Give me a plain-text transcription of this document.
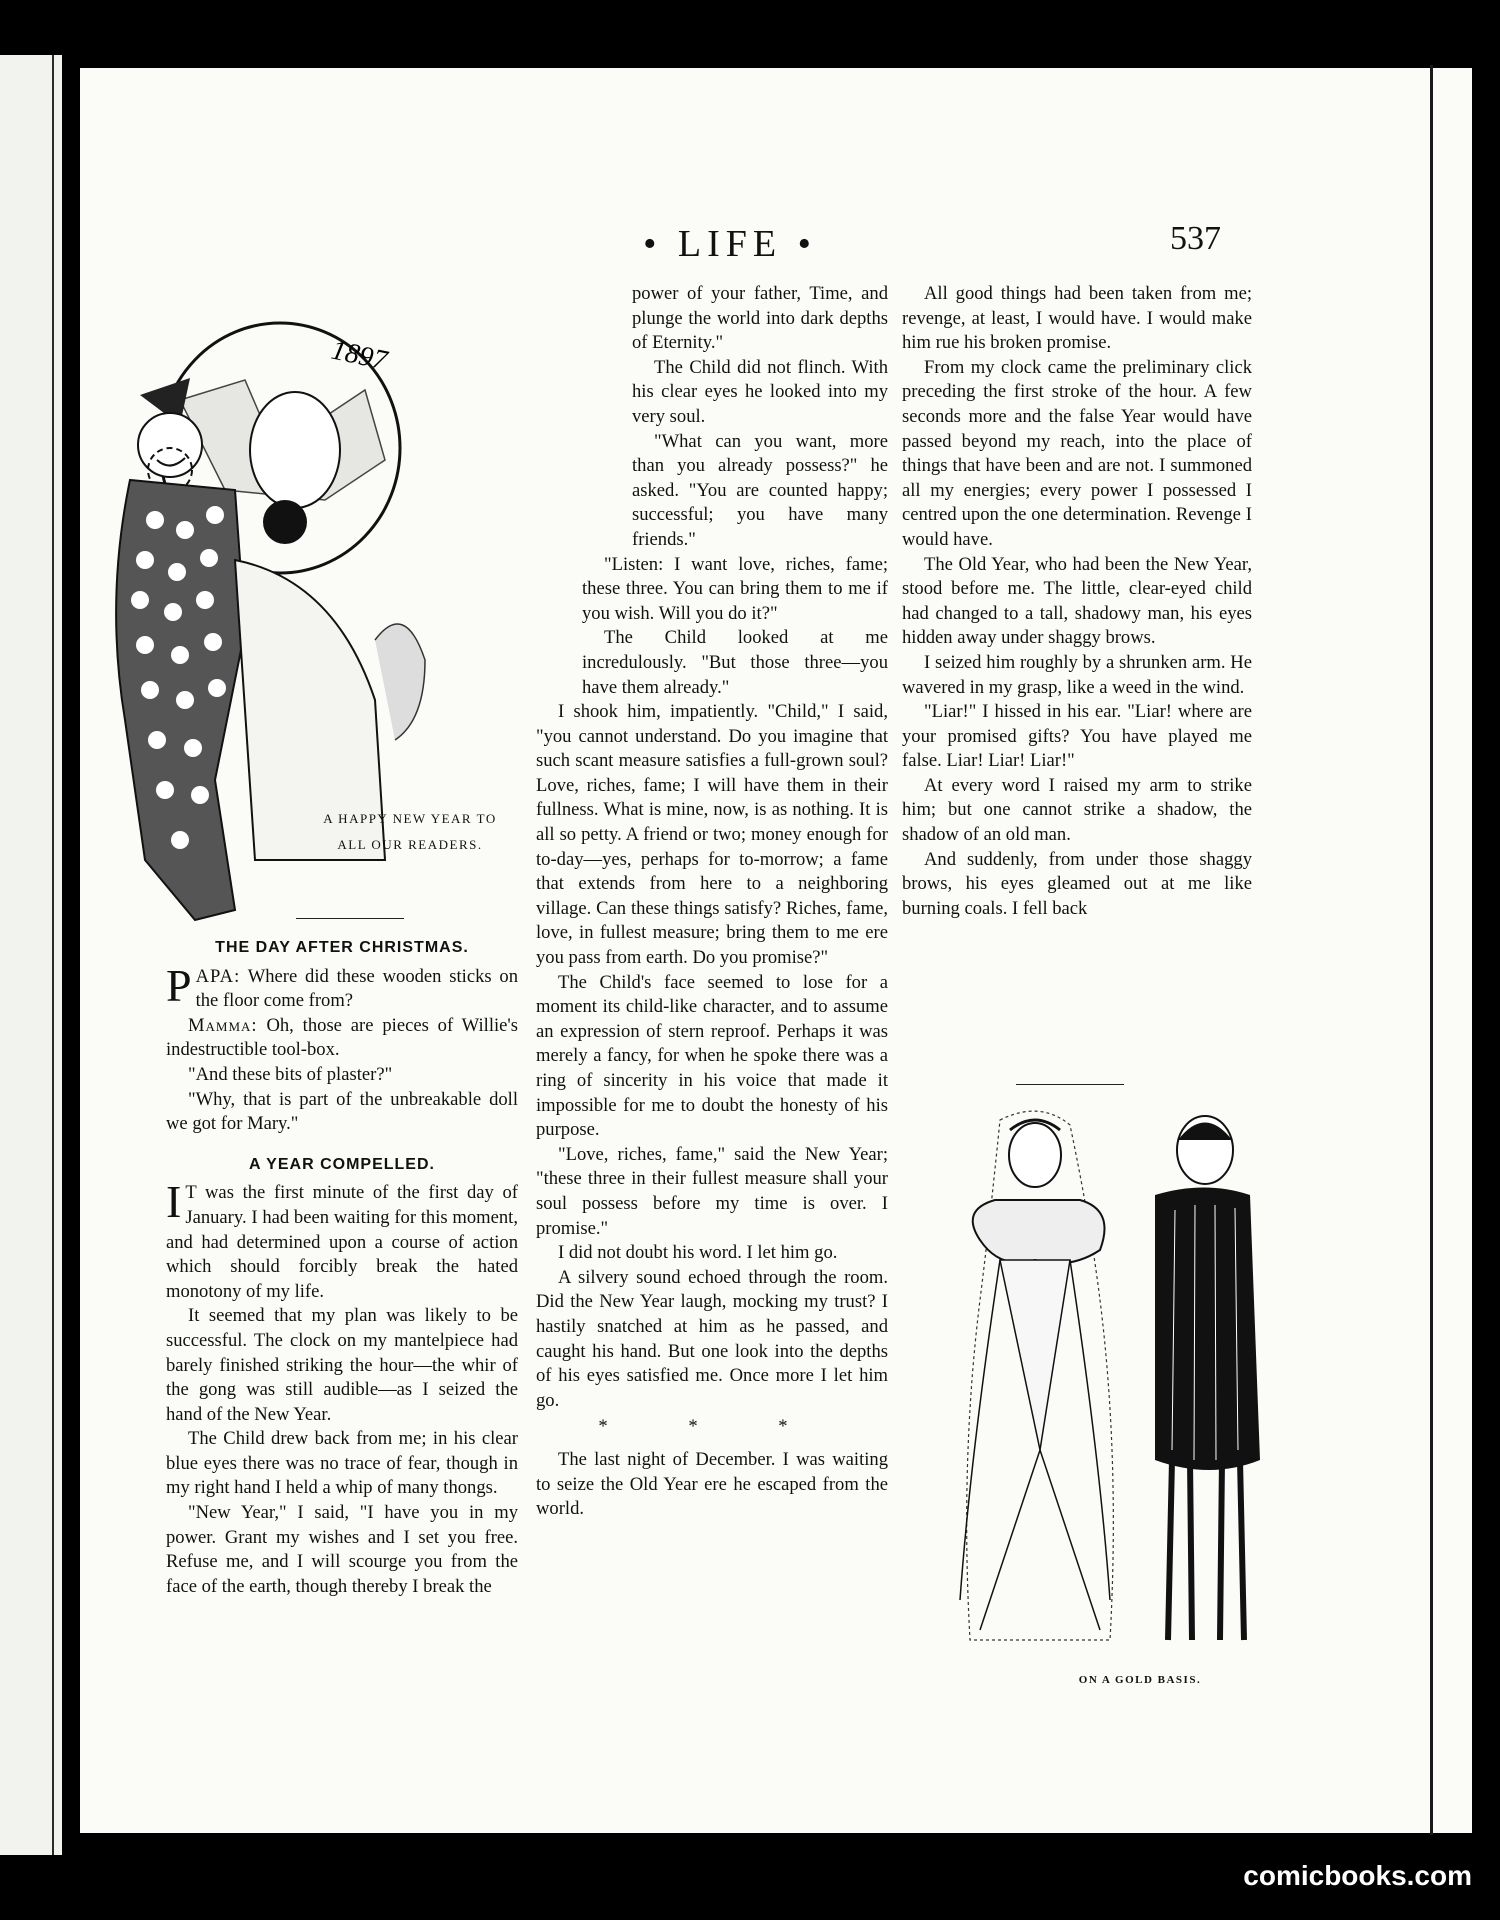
• LIFE •	537
1897
A HAPPY NEW YEAR TO
ALL OUR READERS.

THE DAY AFTER CHRISTMAS.

PAPA: Where did these wooden sticks on the floor come from?

Mamma: Oh, those are pieces of Willie's indestructible tool-box.

"And these bits of plaster?"

"Why, that is part of the unbreakable doll we got for Mary."

A YEAR COMPELLED.

I T was the first minute of the first day of January. I had been waiting for this moment, and had determined upon a course of action which should forcibly break the hated monotony of my life.

It seemed that my plan was likely to be successful. The clock on my mantelpiece had barely finished striking the hour—the whir of the gong was still audible—as I seized the hand of the New Year.

The Child drew back from me; in his clear blue eyes there was no trace of fear, though in my right hand I held a whip of many thongs.

"New Year," I said, "I have you in my power. Grant my wishes and I set you free. Refuse me, and I will scourge you from the face of the earth, though thereby I break the

power of your father, Time, and plunge the world into dark depths of Eternity."

The Child did not flinch. With his clear eyes he looked into my very soul.

"What can you want, more than you already possess?" he asked. "You are counted happy; successful; you have many friends."

"Listen: I want love, riches, fame; these three. You can bring them to me if you wish. Will you do it?"

The Child looked at me incredulously. "But those three—you have them already."

I shook him, impatiently. "Child," I said, "you cannot understand. Do you imagine that such scant measure satisfies a full-grown soul? Love, riches, fame; I will have them in their fullness. What is mine, now, is as nothing. It is all so petty. A friend or two; money enough for to-day—yes, perhaps for to-morrow; a fame that extends from here to a neighboring village. Can these things satisfy? Riches, fame, love, in fullest measure; bring them to me ere you pass from earth. Do you promise?"

The Child's face seemed to lose for a moment its child-like character, and to assume an expression of stern reproof. Perhaps it was merely a fancy, for when he spoke there was a ring of sincerity in his voice that made it impossible for me to doubt the honesty of his purpose.

"Love, riches, fame," said the New Year; "these three in their fullest measure shall your soul possess before my time is over. I promise."

I did not doubt his word. I let him go.

A silvery sound echoed through the room. Did the New Year laugh, mocking my trust? I hastily snatched at him as he passed, and caught his hand. But one look into the depths of his eyes satisfied me. Once more I let him go.

* * *

The last night of December. I was waiting to seize the Old Year ere he escaped from the world.

All good things had been taken from me; revenge, at least, I would have. I would make him rue his broken promise.

From my clock came the preliminary click preceding the first stroke of the hour. A few seconds more and the false Year would have passed beyond my reach, into the place of things that have been and are not. I summoned all my energies; every power I possessed I centred upon the one determination. Revenge I would have.

The Old Year, who had been the New Year, stood before me. The little, clear-eyed child had changed to a tall, shadowy man, his eyes hidden away under shaggy brows.

I seized him roughly by a shrunken arm. He wavered in my grasp, like a weed in the wind.

"Liar!" I hissed in his ear. "Liar! where are your promised gifts? You have played me false. Liar! Liar! Liar!"

At every word I raised my arm to strike him; but one cannot strike a shadow, the shadow of an old man.

And suddenly, from under those shaggy brows, his eyes gleamed out at me like burning coals. I fell back

ON A GOLD BASIS.
comicbooks.com
